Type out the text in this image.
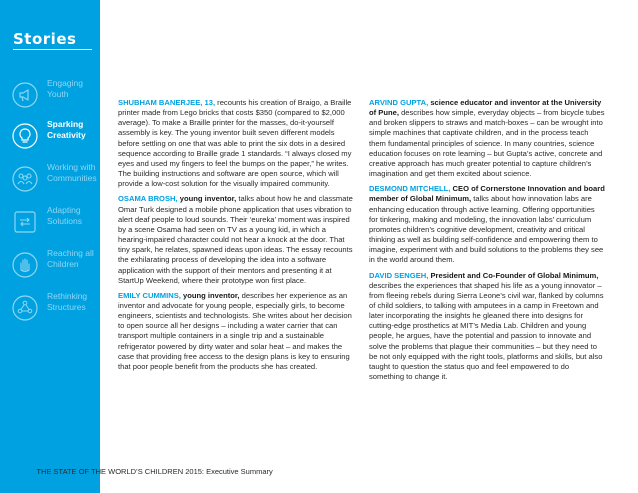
Stories
Engaging Youth
Sparking Creativity
Working with Communities
Adapting Solutions
Reaching all Children
Rethinking Structures

SHUBHAM BANERJEE, 13, recounts his creation of Braigo, a Braille printer made from Lego bricks that costs $350 (compared to $2,000 average). To make a Braille printer for the masses, do-it-yourself assembly is key. The young inventor built seven different models before settling on one that was able to print the six dots in a desired sequence according to Braille grade 1 standards. “I always closed my eyes and used my fingers to feel the bumps on the paper,” he writes. The building instructions and software are open source, which will provide a low-cost solution for the visually impaired community.

OSAMA BROSH, young inventor, talks about how he and classmate Omar Turk designed a mobile phone application that uses vibration to alert deaf people to loud sounds. Their ‘eureka’ moment was inspired by a scene Osama had seen on TV as a young kid, in which a hearing-impaired character could not hear a knock at the door. That tiny spark, he relates, spawned ideas upon ideas. The essay recounts the exhilarating process of developing the idea into a software application with the support of their mentors and presenting it at StartUp Weekend, where their prototype won first place.

EMILY CUMMINS, young inventor, describes her experience as an inventor and advocate for young people, especially girls, to become engineers, scientists and technologists. She writes about her decision to open source all her designs – including a water carrier that can transport multiple containers in a single trip and a sustainable refrigerator powered by dirty water and solar heat – and makes the case that providing free access to the design plans is key to ensuring that poor people benefit from the products she has created.

ARVIND GUPTA, science educator and inventor at the University of Pune, describes how simple, everyday objects – from bicycle tubes and broken slippers to straws and match-boxes – can be wrought into simple machines that captivate children, and in the process teach them fundamental principles of science. In many countries, science education focuses on rote learning – but Gupta’s active, concrete and creative approach has much greater potential to capture children’s imagination and get them excited about science.

DESMOND MITCHELL, CEO of Cornerstone Innovation and board member of Global Minimum, talks about how innovation labs are enhancing education through active learning. Offering opportunities for tinkering, making and modeling, the innovation labs’ curriculum promotes children’s cognitive development, creativity and critical thinking as well as building self-confidence and empowering them to imagine, experiment with and build solutions to the problems they see in the world around them.

DAVID SENGEH, President and Co-Founder of Global Minimum, describes the experiences that shaped his life as a young innovator – from fleeing rebels during Sierra Leone’s civil war, flanked by columns of child soldiers, to talking with amputees in a camp in Freetown and later incorporating the insights he gleaned there into designs for cutting-edge prosthetics at MIT’s Media Lab. Children and young people, he argues, have the potential and passion to innovate and solve the problems that plague their communities – but they need to be not only equipped with the right tools, platforms and skills, but also taught to question the status quo and feel empowered to do something to change it.

12 THE STATE OF THE WORLD’S CHILDREN 2015: Executive Summary
